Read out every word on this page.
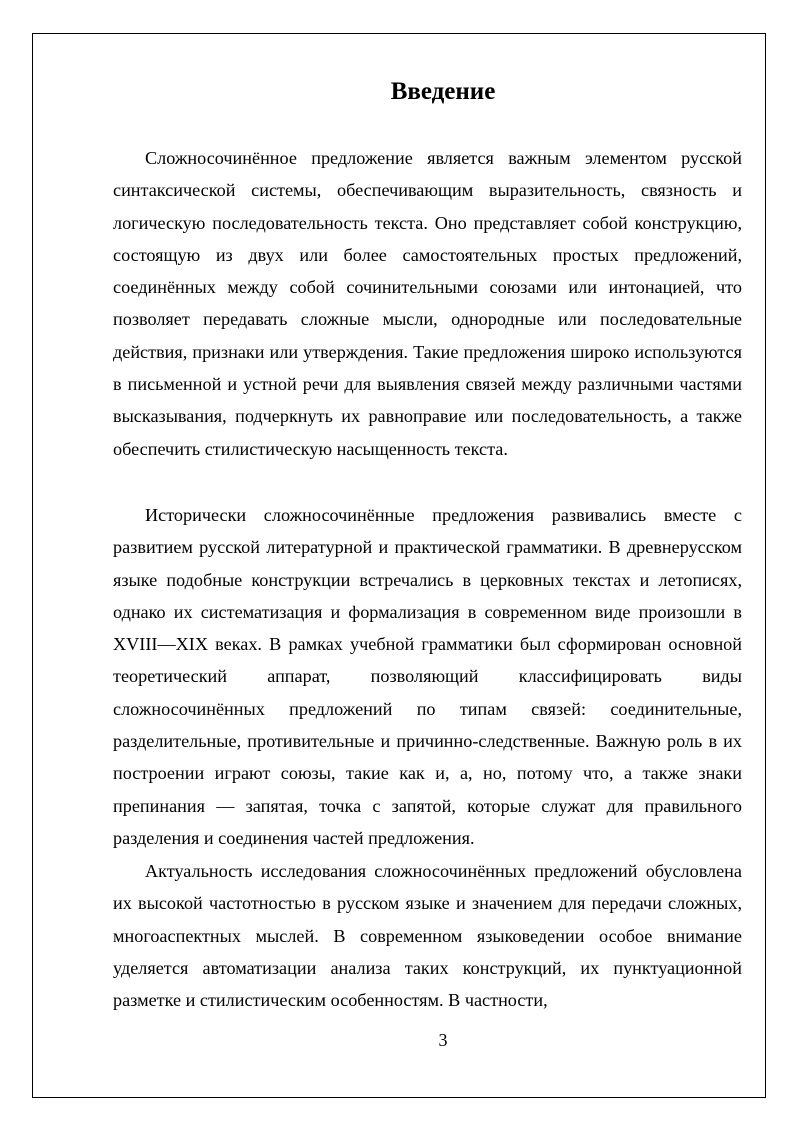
Введение

Сложносочинённое предложение является важным элементом русской синтаксической системы, обеспечивающим выразительность, связность и логическую последовательность текста. Оно представляет собой конструкцию, состоящую из двух или более самостоятельных простых предложений, соединённых между собой сочинительными союзами или интонацией, что позволяет передавать сложные мысли, однородные или последовательные действия, признаки или утверждения. Такие предложения широко используются в письменной и устной речи для выявления связей между различными частями высказывания, подчеркнуть их равноправие или последовательность, а также обеспечить стилистическую насыщенность текста.

Исторически сложносочинённые предложения развивались вместе с развитием русской литературной и практической грамматики. В древнерусском языке подобные конструкции встречались в церковных текстах и летописях, однако их систематизация и формализация в современном виде произошли в XVIII—XIX веках. В рамках учебной грамматики был сформирован основной теоретический аппарат, позволяющий классифицировать виды сложносочинённых предложений по типам связей: соединительные, разделительные, противительные и причинно-следственные. Важную роль в их построении играют союзы, такие как и, а, но, потому что, а также знаки препинания — запятая, точка с запятой, которые служат для правильного разделения и соединения частей предложения.

Актуальность исследования сложносочинённых предложений обусловлена их высокой частотностью в русском языке и значением для передачи сложных, многоаспектных мыслей. В современном языковедении особое внимание уделяется автоматизации анализа таких конструкций, их пунктуационной разметке и стилистическим особенностям. В частности,

3
